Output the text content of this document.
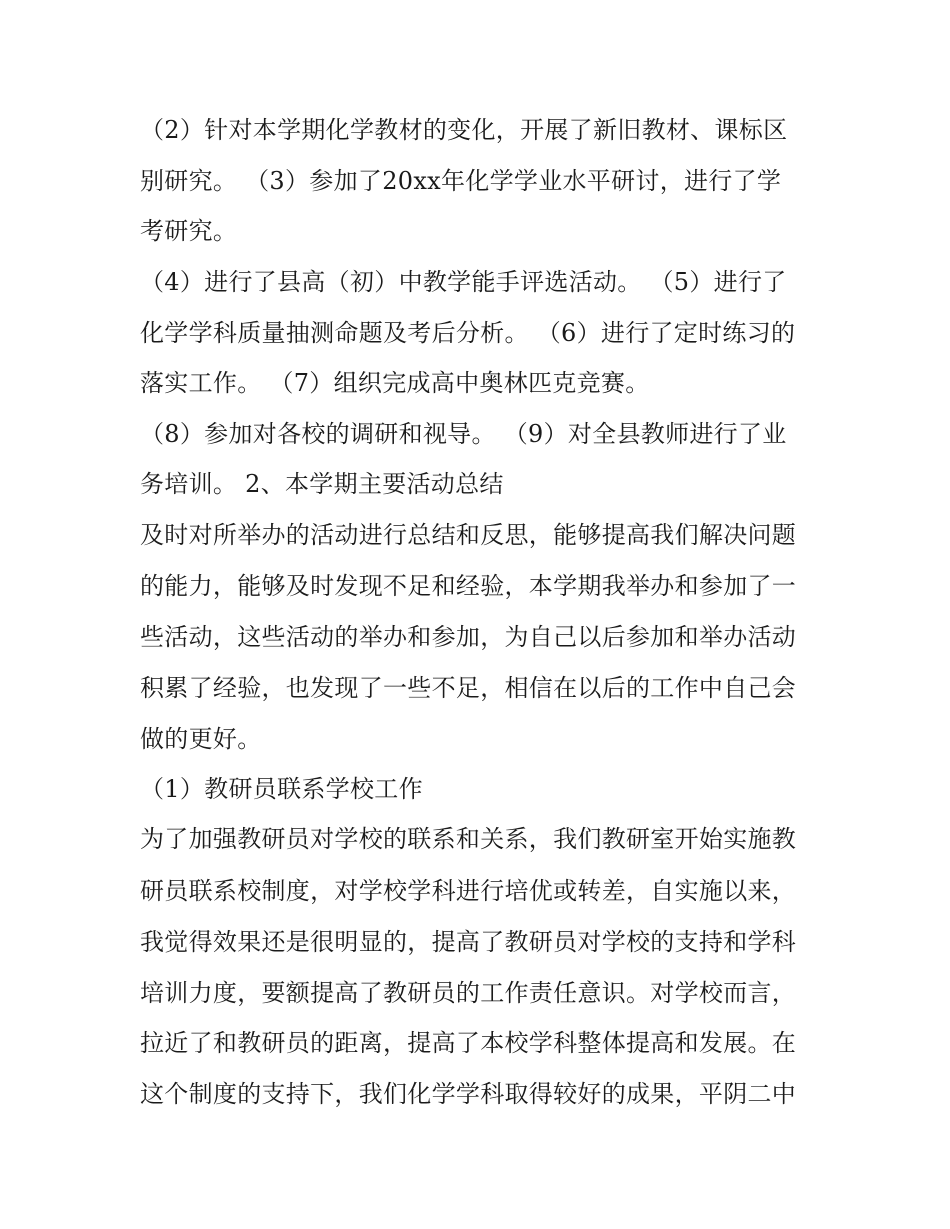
（2）针对本学期化学教材的变化，开展了新旧教材、课标区
别研究。 （3）参加了20xx年化学学业水平研讨，进行了学
考研究。
（4）进行了县高（初）中教学能手评选活动。 （5）进行了
化学学科质量抽测命题及考后分析。 （6）进行了定时练习的
落实工作。 （7）组织完成高中奥林匹克竞赛。
（8）参加对各校的调研和视导。 （9）对全县教师进行了业
务培训。 2、本学期主要活动总结
及时对所举办的活动进行总结和反思，能够提高我们解决问题
的能力，能够及时发现不足和经验，本学期我举办和参加了一
些活动，这些活动的举办和参加，为自己以后参加和举办活动
积累了经验，也发现了一些不足，相信在以后的工作中自己会
做的更好。
（1）教研员联系学校工作
为了加强教研员对学校的联系和关系，我们教研室开始实施教
研员联系校制度，对学校学科进行培优或转差，自实施以来，
我觉得效果还是很明显的，提高了教研员对学校的支持和学科
培训力度，要额提高了教研员的工作责任意识。对学校而言，
拉近了和教研员的距离，提高了本校学科整体提高和发展。在
这个制度的支持下，我们化学学科取得较好的成果，平阴二中
